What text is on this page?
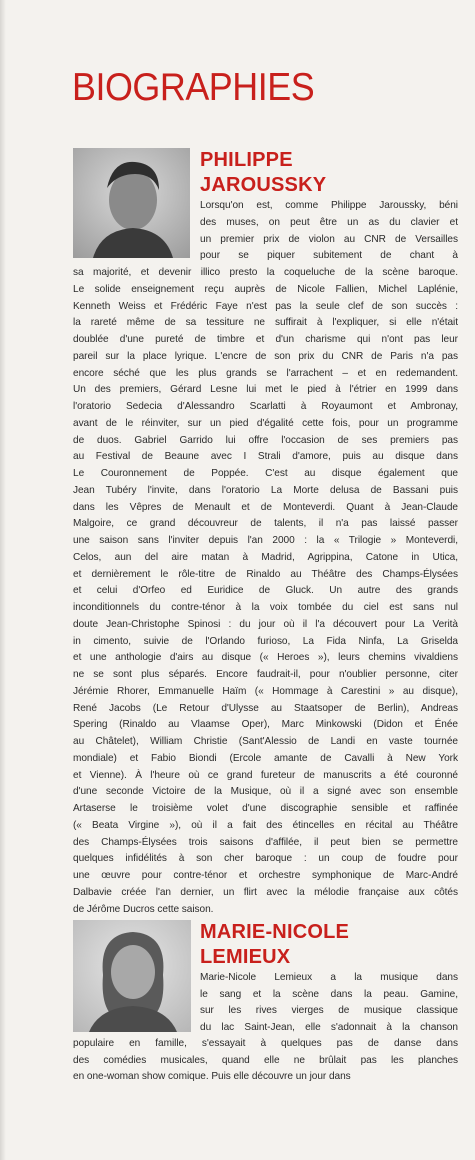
BIOGRAPHIES
PHILIPPE
JAROUSSKY
Lorsqu'on est, comme Philippe Jaroussky, béni
des muses, on peut être un as du clavier et
un premier prix de violon au CNR de Versailles
pour se piquer subitement de chant à
sa majorité, et devenir illico presto la coqueluche de la scène baroque.
Le solide enseignement reçu auprès de Nicole Fallien, Michel Laplénie,
Kenneth Weiss et Frédéric Faye n'est pas la seule clef de son succès :
la rareté même de sa tessiture ne suffirait à l'expliquer, si elle n'était
doublée d'une pureté de timbre et d'un charisme qui n'ont pas leur
pareil sur la place lyrique. L'encre de son prix du CNR de Paris n'a pas
encore séché que les plus grands se l'arrachent – et en redemandent.
Un des premiers, Gérard Lesne lui met le pied à l'étrier en 1999 dans
l'oratorio Sedecia d'Alessandro Scarlatti à Royaumont et Ambronay,
avant de le réinviter, sur un pied d'égalité cette fois, pour un programme
de duos. Gabriel Garrido lui offre l'occasion de ses premiers pas
au Festival de Beaune avec I Strali d'amore, puis au disque dans
Le Couronnement de Poppée. C'est au disque également que
Jean Tubéry l'invite, dans l'oratorio La Morte delusa de Bassani puis
dans les Vêpres de Menault et de Monteverdi. Quant à Jean-Claude
Malgoire, ce grand découvreur de talents, il n'a pas laissé passer
une saison sans l'inviter depuis l'an 2000 : la « Trilogie » Monteverdi,
Celos, aun del aire matan à Madrid, Agrippina, Catone in Utica,
et dernièrement le rôle-titre de Rinaldo au Théâtre des Champs-Élysées
et celui d'Orfeo ed Euridice de Gluck. Un autre des grands
inconditionnels du contre-ténor à la voix tombée du ciel est sans nul
doute Jean-Christophe Spinosi : du jour où il l'a découvert pour La Verità
in cimento, suivie de l'Orlando furioso, La Fida Ninfa, La Griselda
et une anthologie d'airs au disque (« Heroes »), leurs chemins vivaldiens
ne se sont plus séparés. Encore faudrait-il, pour n'oublier personne, citer
Jérémie Rhorer, Emmanuelle Haïm (« Hommage à Carestini » au disque),
René Jacobs (Le Retour d'Ulysse au Staatsoper de Berlin), Andreas
Spering (Rinaldo au Vlaamse Oper), Marc Minkowski (Didon et Énée
au Châtelet), William Christie (Sant'Alessio de Landi en vaste tournée
mondiale) et Fabio Biondi (Ercole amante de Cavalli à New York
et Vienne). À l'heure où ce grand fureteur de manuscrits a été couronné
d'une seconde Victoire de la Musique, où il a signé avec son ensemble
Artaserse le troisième volet d'une discographie sensible et raffinée
(« Beata Virgine »), où il a fait des étincelles en récital au Théâtre
des Champs-Élysées trois saisons d'affilée, il peut bien se permettre
quelques infidélités à son cher baroque : un coup de foudre pour
une œuvre pour contre-ténor et orchestre symphonique de Marc-André
Dalbavie créée l'an dernier, un flirt avec la mélodie française aux côtés
de Jérôme Ducros cette saison.
MARIE-NICOLE
LEMIEUX
Marie-Nicole Lemieux a la musique dans
le sang et la scène dans la peau. Gamine,
sur les rives vierges de musique classique
du lac Saint-Jean, elle s'adonnait à la chanson
populaire en famille, s'essayait à quelques pas de danse dans
des comédies musicales, quand elle ne brûlait pas les planches
en one-woman show comique. Puis elle découvre un jour dans
